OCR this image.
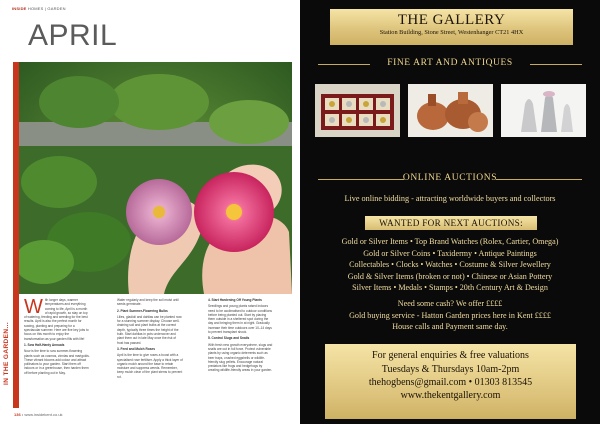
INSIDE HOMES | GARDEN
APRIL
IN THE GARDEN...

With longer days, warmer temperatures and everything coming to life, April is a month of rapid growth, so stay on top of watering, feeding and weeding for the best results. April is also the perfect month for sowing, planting and preparing for a spectacular summer. Here are five key jobs to focus on this month to enjoy the transformation as your garden fills with life!

1. Sow Half-Hardy Annuals

Now is the time to sow summer-flowering plants such as cosmos, zinnias and marigolds. These vibrant blooms add colour and attract pollinators to your garden. Start them off indoors or in a greenhouse, then harden them off before planting out in May.

Water regularly and keep the soil moist until seeds germinate.

2. Plant Summer-Flowering Bulbs

Lilies, gladioli and dahlias can be planted now for a stunning summer display. Choose well-draining soil and plant bulbs at the correct depth, typically three times the height of the bulb. Start dahlias in pots undercover and plant them out in late May once the risk of frost has passed.

3. Feed and Mulch Roses

April is the time to give roses a boost with a specialised rose fertiliser. Apply a thick layer of organic mulch around the base to retain moisture and suppress weeds. Remember, keep mulch clear of the plant stems to prevent rot.

4. Start Hardening Off Young Plants

Seedlings and young plants raised indoors need to be acclimatised to outdoor conditions before being planted out. Start by placing them outside in a sheltered spot during the day and bringing them in at night. Gradually increase their time outdoors over 10–14 days to prevent transplant shock.

5. Control Slugs and Snails

With fresh new growth everywhere, slugs and snails are out in full force. Protect vulnerable plants by using organic deterrents such as beer traps, crushed eggshells or wildlife-friendly slug pellets. Encourage natural predators like frogs and hedgehogs by creating wildlife-friendly areas in your garden.

136 • www.insidekent.co.uk
THE GALLERY
Station Building, Stone Street, Westenhanger CT21 4HX
FINE ART AND ANTIQUES
ONLINE AUCTIONS
Live online bidding - attracting worldwide buyers and collectors
WANTED FOR NEXT AUCTIONS:
Gold or Silver Items • Top Brand Watches (Rolex, Cartier, Omega)
Gold or Silver Coins • Taxidermy • Antique Paintings
Collectables • Clocks • Watches • Costume & Silver Jewellery
Gold & Silver Items (broken or not) • Chinese or Asian Pottery
Silver Items • Medals • Stamps • 20th Century Art & Design
Need some cash? We offer ££££
Gold buying service - Hatton Garden prices here in Kent ££££
House calls and Payment same day.
For general enquiries & free valuations
Tuesdays & Thursdays 10am-2pm
thehogbens@gmail.com • 01303 813545
www.thekentgallery.com
